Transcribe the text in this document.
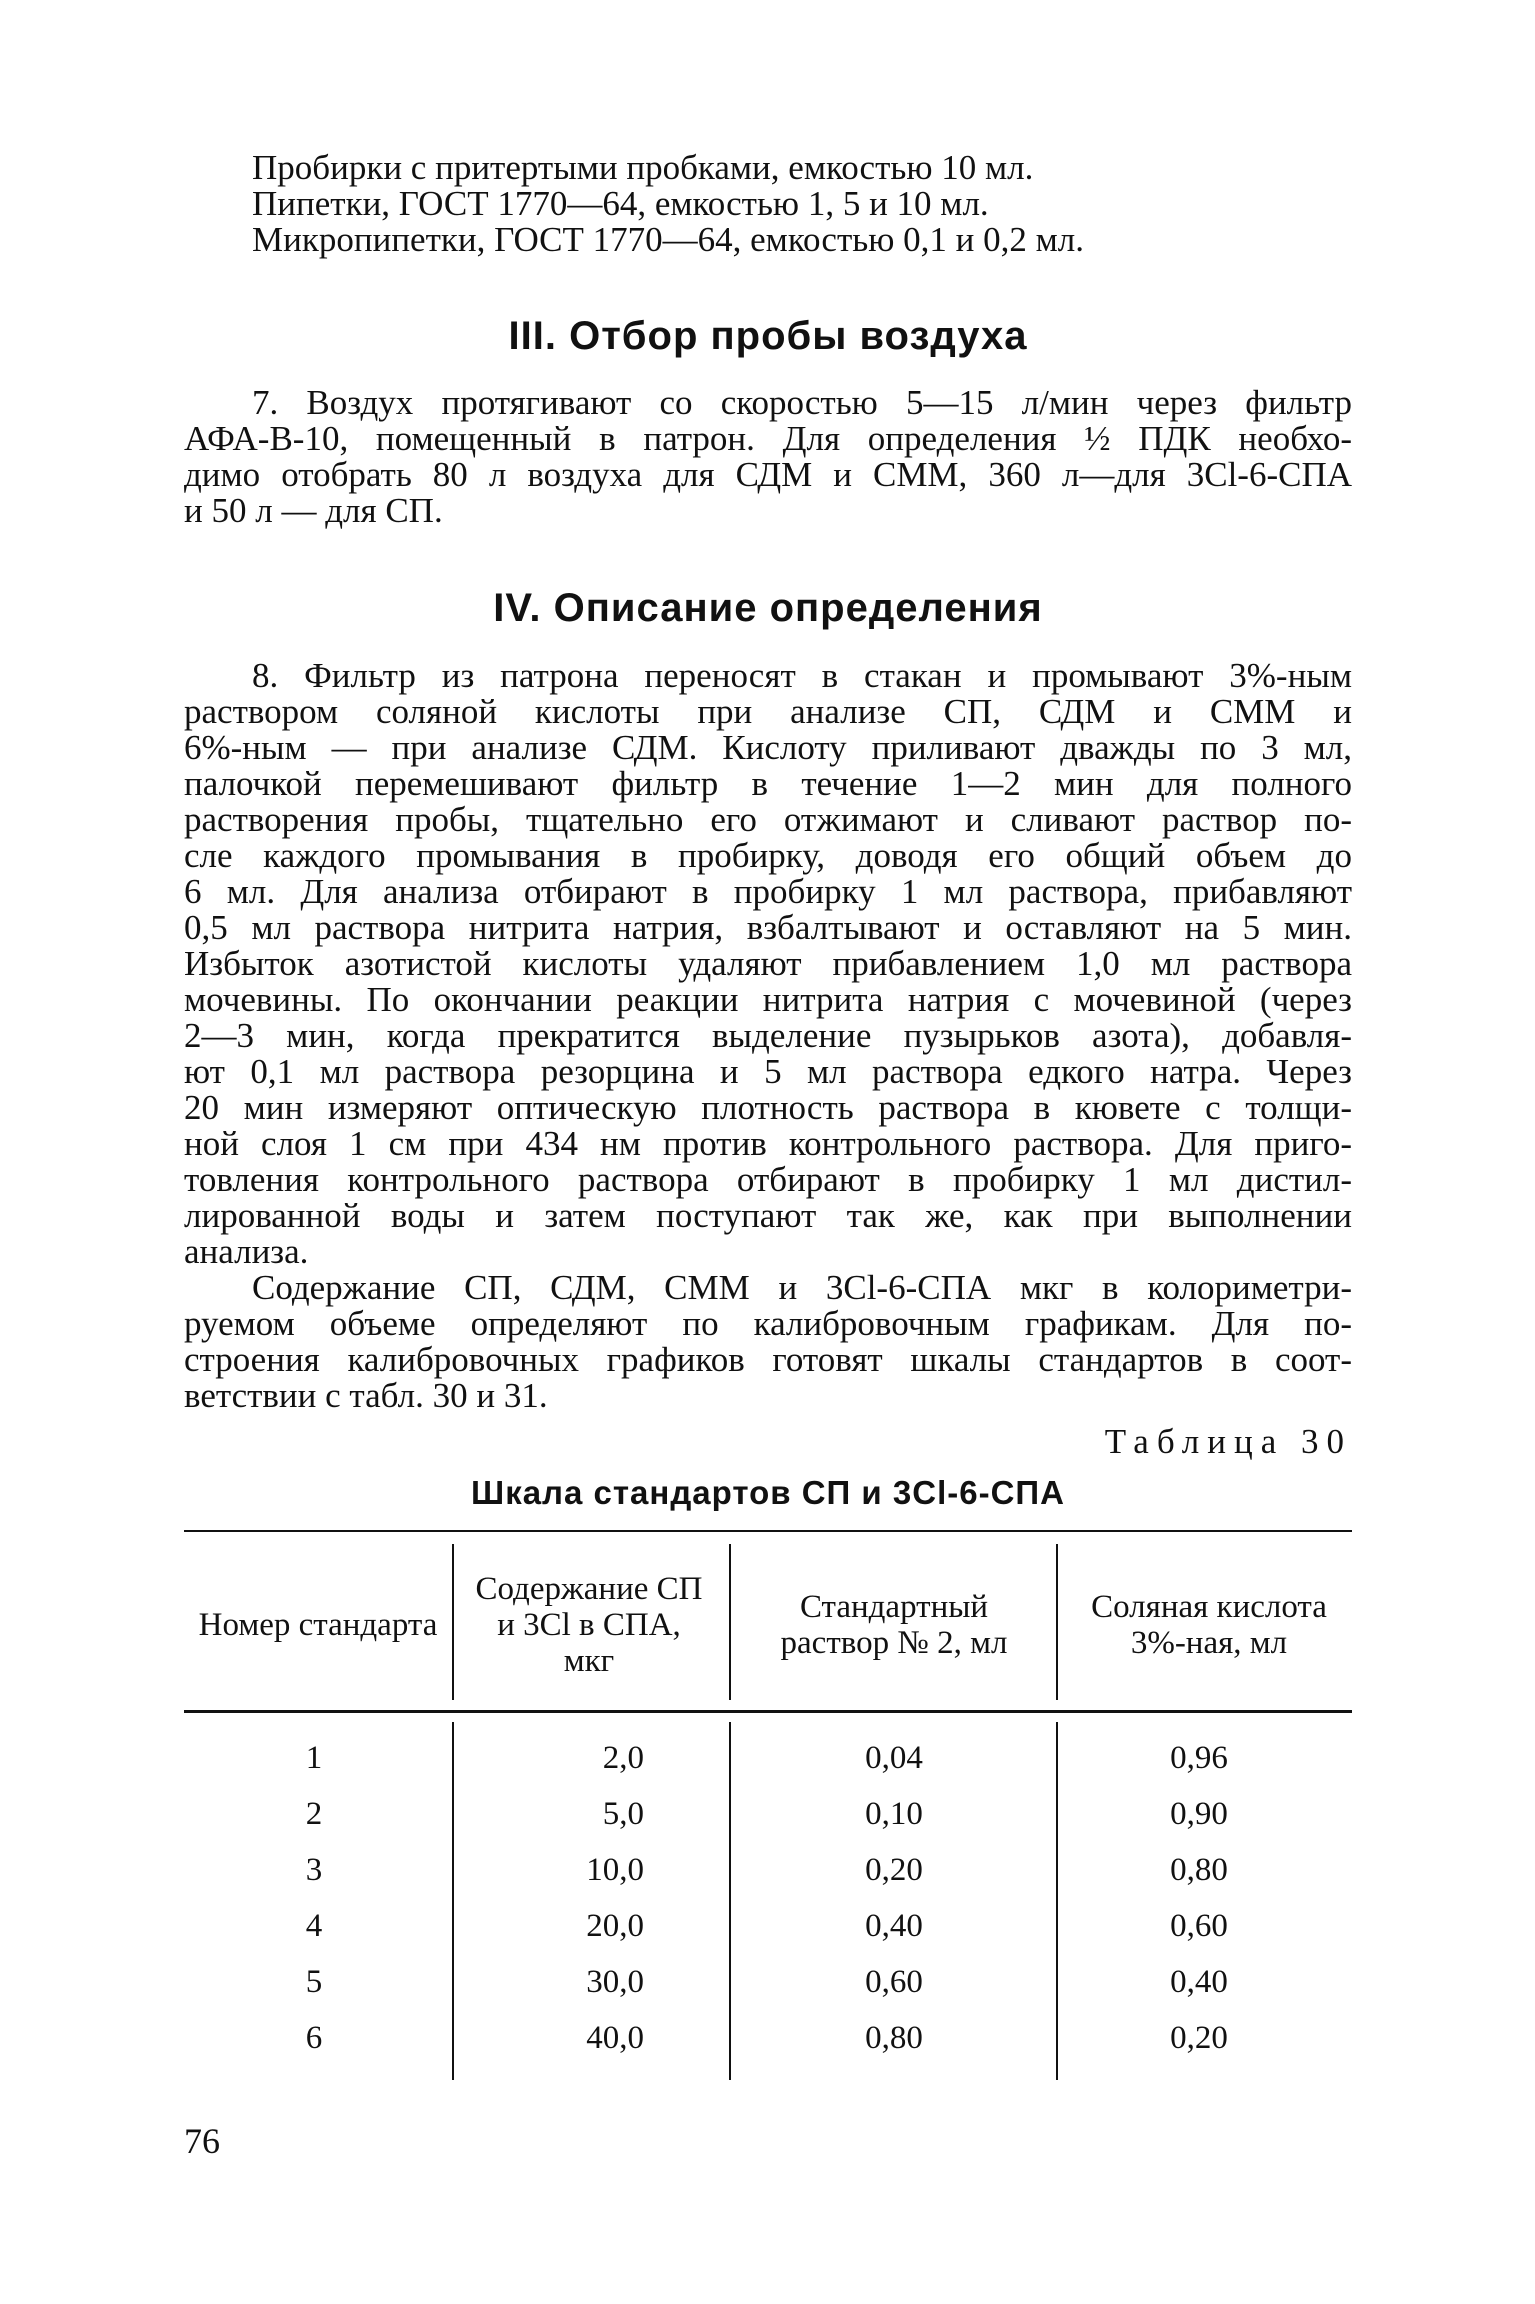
Пробирки с притертыми пробками, емкостью 10 мл.
Пипетки, ГОСТ 1770—64, емкостью 1, 5 и 10 мл.
Микропипетки, ГОСТ 1770—64, емкостью 0,1 и 0,2 мл.
III. Отбор пробы воздуха
7. Воздух протягивают со скоростью 5—15 л/мин через фильтр
АФА-В-10, помещенный в патрон. Для определения ½ ПДК необхо-
димо отобрать 80 л воздуха для СДМ и СММ, 360 л—для 3Cl-6-СПА
и 50 л — для СП.
IV. Описание определения
8. Фильтр из патрона переносят в стакан и промывают 3%-ным
раствором соляной кислоты при анализе СП, СДМ и СММ и
6%-ным — при анализе СДМ. Кислоту приливают дважды по 3 мл,
палочкой перемешивают фильтр в течение 1—2 мин для полного
растворения пробы, тщательно его отжимают и сливают раствор по-
сле каждого промывания в пробирку, доводя его общий объем до
6 мл. Для анализа отбирают в пробирку 1 мл раствора, прибавляют
0,5 мл раствора нитрита натрия, взбалтывают и оставляют на 5 мин.
Избыток азотистой кислоты удаляют прибавлением 1,0 мл раствора
мочевины. По окончании реакции нитрита натрия с мочевиной (через
2—3 мин, когда прекратится выделение пузырьков азота), добавля-
ют 0,1 мл раствора резорцина и 5 мл раствора едкого натра. Через
20 мин измеряют оптическую плотность раствора в кювете с толщи-
ной слоя 1 см при 434 нм против контрольного раствора. Для приго-
товления контрольного раствора отбирают в пробирку 1 мл дистил-
лированной воды и затем поступают так же, как при выполнении
анализа.
Содержание СП, СДМ, СММ и 3Cl-6-СПА мкг в колориметри-
руемом объеме определяют по калибровочным графикам. Для по-
строения калибровочных графиков готовят шкалы стандартов в соот-
ветствии с табл. 30 и 31.
Таблица 30
Шкала стандартов СП и 3Cl-6-СПА
Номер стандарта
Содержание СП и 3Cl в СПА, мкг
Стандартный раствор № 2, мл
Соляная кислота 3%-ная, мл
1
2
3
4
5
6
2,0
5,0
10,0
20,0
30,0
40,0
0,04
0,10
0,20
0,40
0,60
0,80
0,96
0,90
0,80
0,60
0,40
0,20
76
